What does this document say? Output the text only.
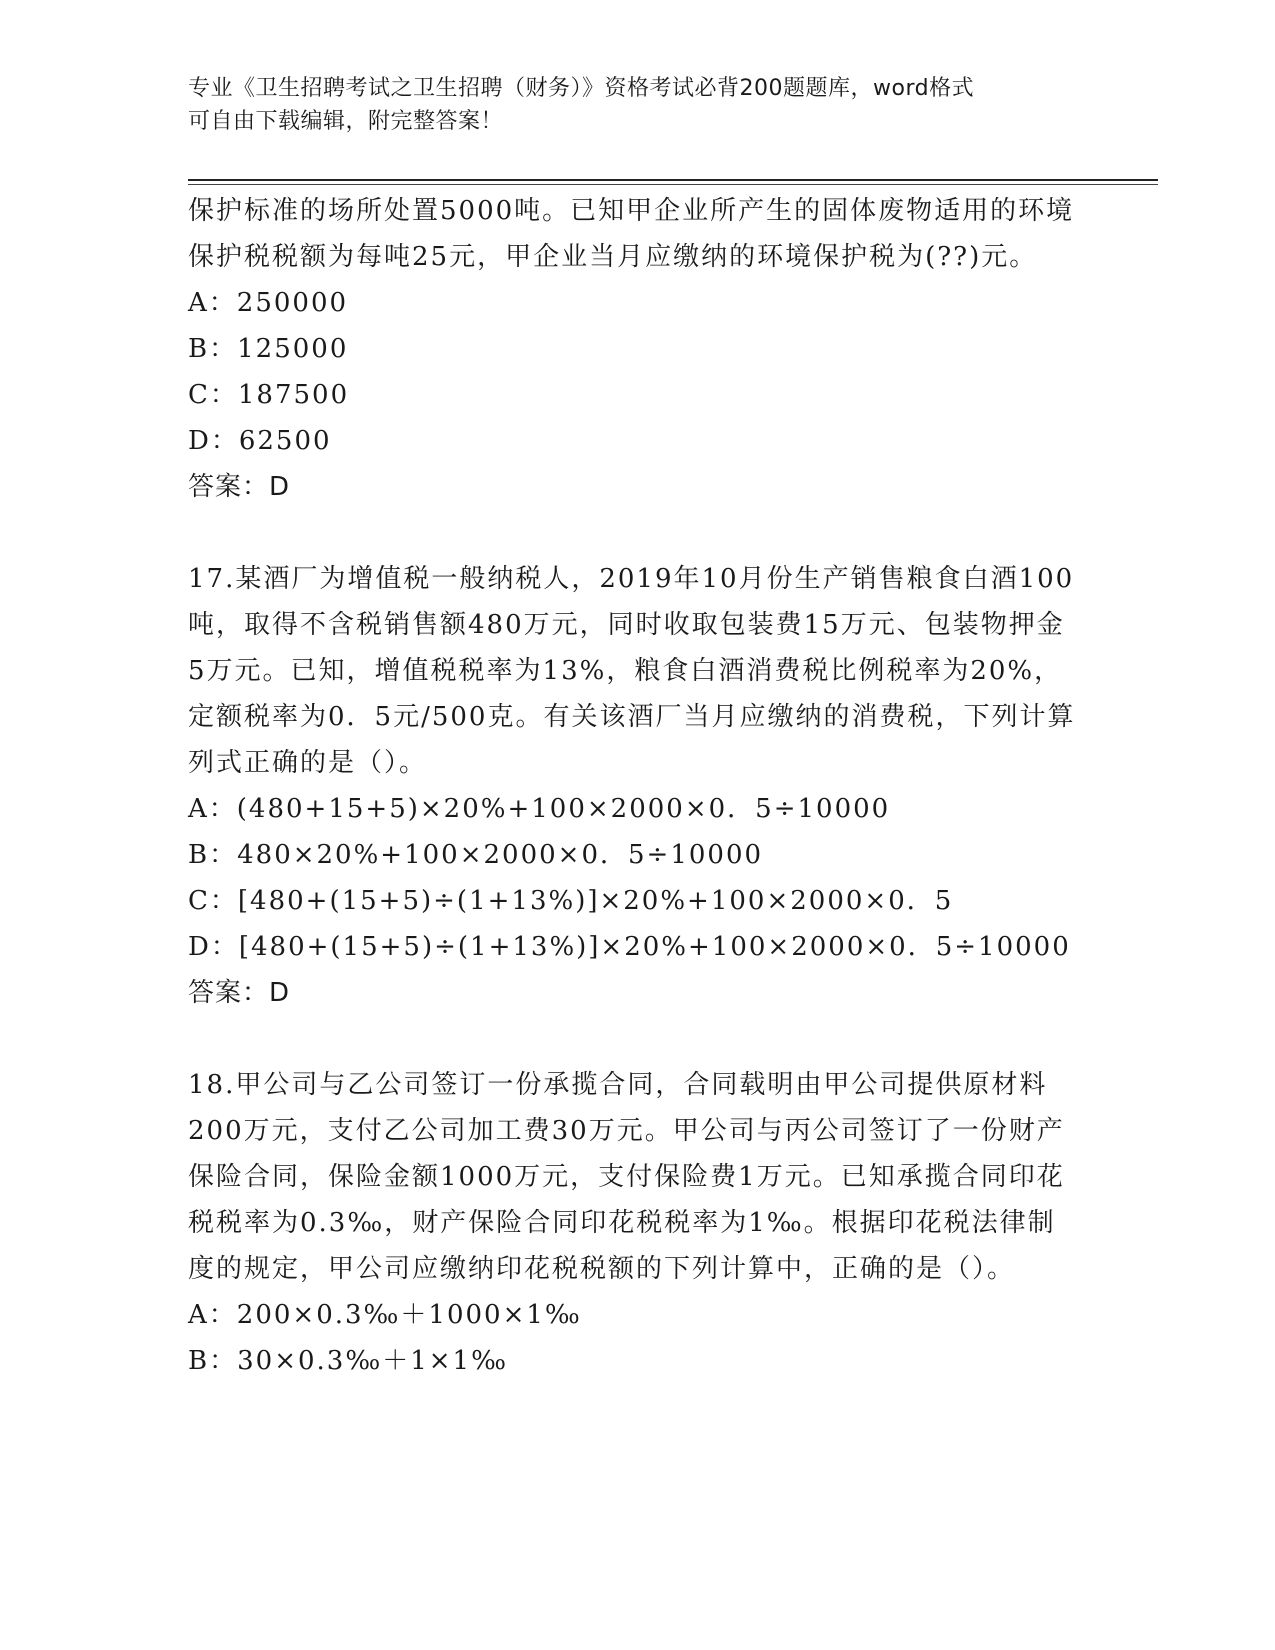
专业《卫生招聘考试之卫生招聘（财务）》资格考试必背200题题库，word格式
可自由下载编辑，附完整答案！

保护标准的场所处置5000吨。已知甲企业所产生的固体废物适用的环境保护税税额为每吨25元，甲企业当月应缴纳的环境保护税为(??)元。

A：250000

B：125000

C：187500

D：62500

答案：D

17.某酒厂为增值税一般纳税人，2019年10月份生产销售粮食白酒100吨，取得不含税销售额480万元，同时收取包装费15万元、包装物押金5万元。已知，增值税税率为13%，粮食白酒消费税比例税率为20%，定额税率为0．5元/500克。有关该酒厂当月应缴纳的消费税，下列计算列式正确的是（）。

A：(480+15+5)×20%+100×2000×0．5÷10000

B：480×20%+100×2000×0．5÷10000

C：[480+(15+5)÷(1+13%)]×20%+100×2000×0．5

D：[480+(15+5)÷(1+13%)]×20%+100×2000×0．5÷10000

答案：D

18.甲公司与乙公司签订一份承揽合同，合同载明由甲公司提供原材料200万元，支付乙公司加工费30万元。甲公司与丙公司签订了一份财产保险合同，保险金额1000万元，支付保险费1万元。已知承揽合同印花税税率为0.3‰，财产保险合同印花税税率为1‰。根据印花税法律制度的规定，甲公司应缴纳印花税税额的下列计算中，正确的是（）。

A：200×0.3‰＋1000×1‰

B：30×0.3‰＋1×1‰
